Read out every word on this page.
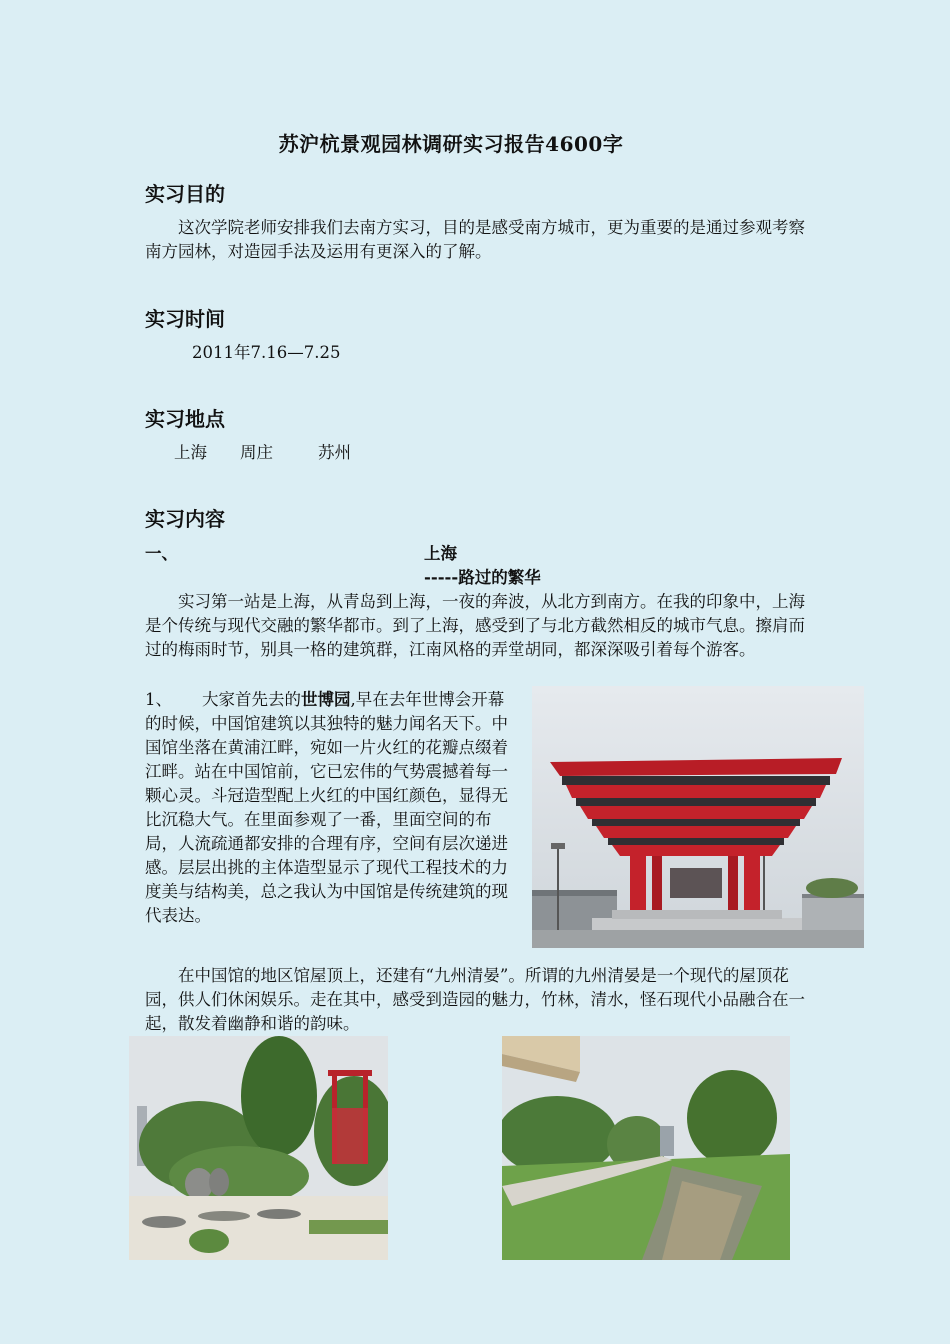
苏沪杭景观园林调研实习报告4600字
实习目的
这次学院老师安排我们去南方实习，目的是感受南方城市，更为重要的是通过参观考察南方园林，对造园手法及运用有更深入的了解。
实习时间
2011年7.16—7.25
实习地点
上海 周庄	苏州
实习内容
一、	上海
-----路过的繁华
实习第一站是上海，从青岛到上海，一夜的奔波，从北方到南方。在我的印象中，上海是个传统与现代交融的繁华都市。到了上海，感受到了与北方截然相反的城市气息。擦肩而过的梅雨时节，别具一格的建筑群，江南风格的弄堂胡同，都深深吸引着每个游客。
1、 大家首先去的世博园,早在去年世博会开幕的时候，中国馆建筑以其独特的魅力闻名天下。中国馆坐落在黄浦江畔，宛如一片火红的花瓣点缀着江畔。站在中国馆前，它已宏伟的气势震撼着每一颗心灵。斗冠造型配上火红的中国红颜色，显得无比沉稳大气。在里面参观了一番，里面空间的布局，人流疏通都安排的合理有序，空间有层次递进感。层层出挑的主体造型显示了现代工程技术的力度美与结构美，总之我认为中国馆是传统建筑的现代表达。
在中国馆的地区馆屋顶上，还建有“九州清晏”。所谓的九州清晏是一个现代的屋顶花园，供人们休闲娱乐。走在其中，感受到造园的魅力，竹林，清水，怪石现代小品融合在一起，散发着幽静和谐的韵味。
